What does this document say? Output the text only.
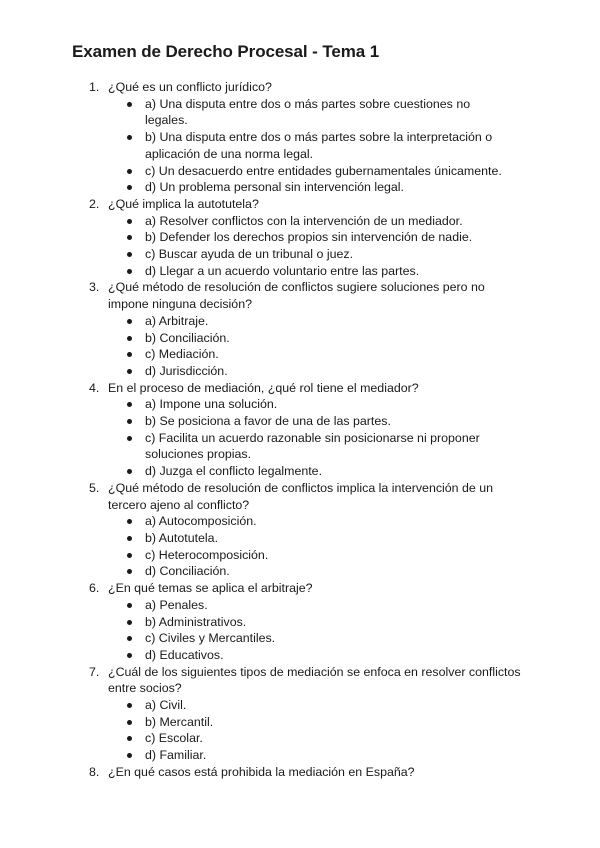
Examen de Derecho Procesal - Tema 1
1. ¿Qué es un conflicto jurídico?
a) Una disputa entre dos o más partes sobre cuestiones no legales.
b) Una disputa entre dos o más partes sobre la interpretación o aplicación de una norma legal.
c) Un desacuerdo entre entidades gubernamentales únicamente.
d) Un problema personal sin intervención legal.
2. ¿Qué implica la autotutela?
a) Resolver conflictos con la intervención de un mediador.
b) Defender los derechos propios sin intervención de nadie.
c) Buscar ayuda de un tribunal o juez.
d) Llegar a un acuerdo voluntario entre las partes.
3. ¿Qué método de resolución de conflictos sugiere soluciones pero no impone ninguna decisión?
a) Arbitraje.
b) Conciliación.
c) Mediación.
d) Jurisdicción.
4. En el proceso de mediación, ¿qué rol tiene el mediador?
a) Impone una solución.
b) Se posiciona a favor de una de las partes.
c) Facilita un acuerdo razonable sin posicionarse ni proponer soluciones propias.
d) Juzga el conflicto legalmente.
5. ¿Qué método de resolución de conflictos implica la intervención de un tercero ajeno al conflicto?
a) Autocomposición.
b) Autotutela.
c) Heterocomposición.
d) Conciliación.
6. ¿En qué temas se aplica el arbitraje?
a) Penales.
b) Administrativos.
c) Civiles y Mercantiles.
d) Educativos.
7. ¿Cuál de los siguientes tipos de mediación se enfoca en resolver conflictos entre socios?
a) Civil.
b) Mercantil.
c) Escolar.
d) Familiar.
8. ¿En qué casos está prohibida la mediación en España?
